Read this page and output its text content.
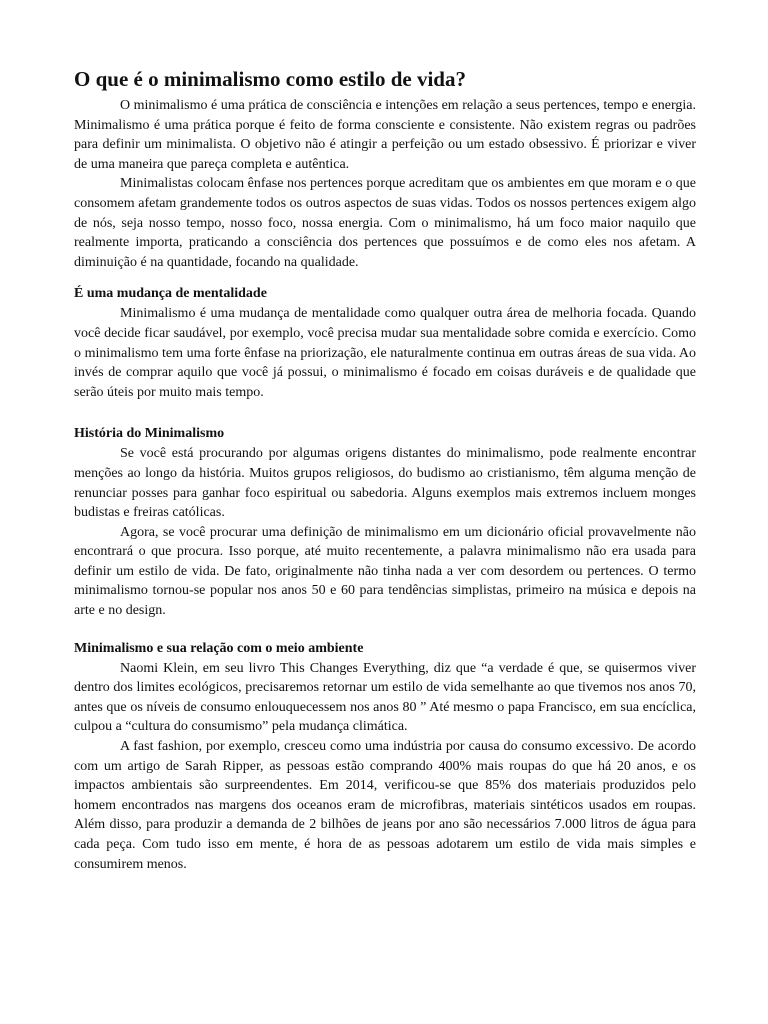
O que é o minimalismo como estilo de vida?

O minimalismo é uma prática de consciência e intenções em relação a seus pertences, tempo e energia. Minimalismo é uma prática porque é feito de forma consciente e consistente. Não existem regras ou padrões para definir um minimalista. O objetivo não é atingir a perfeição ou um estado obsessivo. É priorizar e viver de uma maneira que pareça completa e autêntica.

Minimalistas colocam ênfase nos pertences porque acreditam que os ambientes em que moram e o que consomem afetam grandemente todos os outros aspectos de suas vidas. Todos os nossos pertences exigem algo de nós, seja nosso tempo, nosso foco, nossa energia. Com o minimalismo, há um foco maior naquilo que realmente importa, praticando a consciência dos pertences que possuímos e de como eles nos afetam. A diminuição é na quantidade, focando na qualidade.

É uma mudança de mentalidade

Minimalismo é uma mudança de mentalidade como qualquer outra área de melhoria focada. Quando você decide ficar saudável, por exemplo, você precisa mudar sua mentalidade sobre comida e exercício. Como o minimalismo tem uma forte ênfase na priorização, ele naturalmente continua em outras áreas de sua vida. Ao invés de comprar aquilo que você já possui, o minimalismo é focado em coisas duráveis e de qualidade que serão úteis por muito mais tempo.

História do Minimalismo

Se você está procurando por algumas origens distantes do minimalismo, pode realmente encontrar menções ao longo da história. Muitos grupos religiosos, do budismo ao cristianismo, têm alguma menção de renunciar posses para ganhar foco espiritual ou sabedoria. Alguns exemplos mais extremos incluem monges budistas e freiras católicas.

Agora, se você procurar uma definição de minimalismo em um dicionário oficial provavelmente não encontrará o que procura. Isso porque, até muito recentemente, a palavra minimalismo não era usada para definir um estilo de vida. De fato, originalmente não tinha nada a ver com desordem ou pertences. O termo minimalismo tornou-se popular nos anos 50 e 60 para tendências simplistas, primeiro na música e depois na arte e no design.

Minimalismo e sua relação com o meio ambiente

Naomi Klein, em seu livro This Changes Everything, diz que “a verdade é que, se quisermos viver dentro dos limites ecológicos, precisaremos retornar um estilo de vida semelhante ao que tivemos nos anos 70, antes que os níveis de consumo enlouquecessem nos anos 80 ” Até mesmo o papa Francisco, em sua encíclica, culpou a “cultura do consumismo” pela mudança climática.

A fast fashion, por exemplo, cresceu como uma indústria por causa do consumo excessivo. De acordo com um artigo de Sarah Ripper, as pessoas estão comprando 400% mais roupas do que há 20 anos, e os impactos ambientais são surpreendentes. Em 2014, verificou-se que 85% dos materiais produzidos pelo homem encontrados nas margens dos oceanos eram de microfibras, materiais sintéticos usados em roupas. Além disso, para produzir a demanda de 2 bilhões de jeans por ano são necessários 7.000 litros de água para cada peça. Com tudo isso em mente, é hora de as pessoas adotarem um estilo de vida mais simples e consumirem menos.
